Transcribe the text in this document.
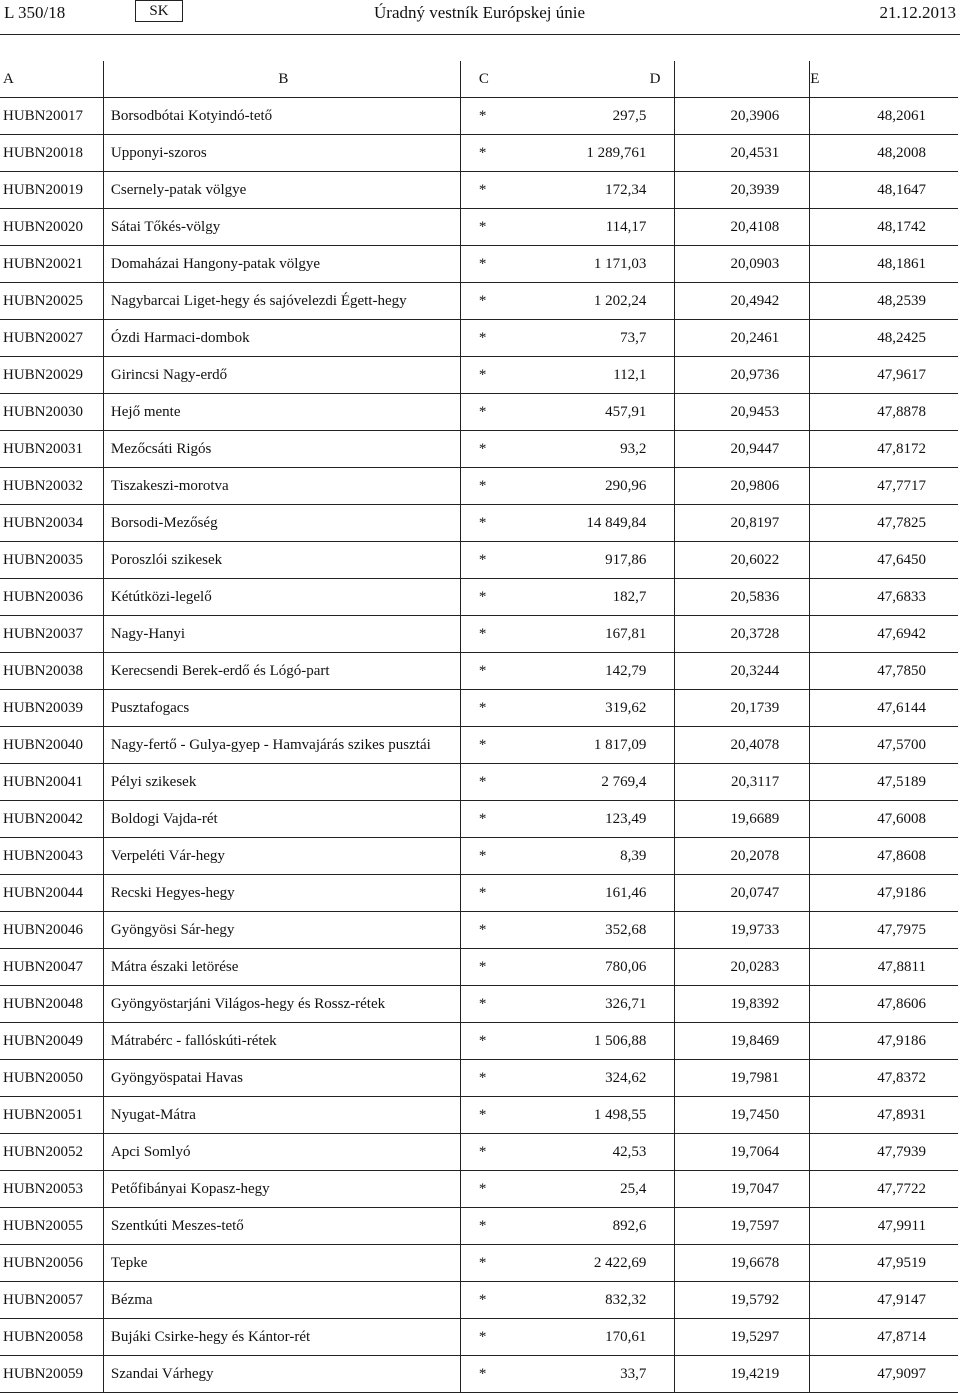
L 350/18	SK	Úradný vestník Európskej únie	21.12.2013
A	B	C	D		E
HUBN20017	Borsodbótai Kotyindó-tető	*	297,5	20,3906	48,2061
HUBN20018	Upponyi-szoros	*	1 289,761	20,4531	48,2008
HUBN20019	Csernely-patak völgye	*	172,34	20,3939	48,1647
HUBN20020	Sátai Tőkés-völgy	*	114,17	20,4108	48,1742
HUBN20021	Domaházai Hangony-patak völgye	*	1 171,03	20,0903	48,1861
HUBN20025	Nagybarcai Liget-hegy és sajóvelezdi Égett-hegy	*	1 202,24	20,4942	48,2539
HUBN20027	Ózdi Harmaci-dombok	*	73,7	20,2461	48,2425
HUBN20029	Girincsi Nagy-erdő	*	112,1	20,9736	47,9617
HUBN20030	Hejő mente	*	457,91	20,9453	47,8878
HUBN20031	Mezőcsáti Rigós	*	93,2	20,9447	47,8172
HUBN20032	Tiszakeszi-morotva	*	290,96	20,9806	47,7717
HUBN20034	Borsodi-Mezőség	*	14 849,84	20,8197	47,7825
HUBN20035	Poroszlói szikesek	*	917,86	20,6022	47,6450
HUBN20036	Kétútközi-legelő	*	182,7	20,5836	47,6833
HUBN20037	Nagy-Hanyi	*	167,81	20,3728	47,6942
HUBN20038	Kerecsendi Berek-erdő és Lógó-part	*	142,79	20,3244	47,7850
HUBN20039	Pusztafogacs	*	319,62	20,1739	47,6144
HUBN20040	Nagy-fertő - Gulya-gyep - Hamvajárás szikes pusztái	*	1 817,09	20,4078	47,5700
HUBN20041	Pélyi szikesek	*	2 769,4	20,3117	47,5189
HUBN20042	Boldogi Vajda-rét	*	123,49	19,6689	47,6008
HUBN20043	Verpeléti Vár-hegy	*	8,39	20,2078	47,8608
HUBN20044	Recski Hegyes-hegy	*	161,46	20,0747	47,9186
HUBN20046	Gyöngyösi Sár-hegy	*	352,68	19,9733	47,7975
HUBN20047	Mátra északi letörése	*	780,06	20,0283	47,8811
HUBN20048	Gyöngyöstarjáni Világos-hegy és Rossz-rétek	*	326,71	19,8392	47,8606
HUBN20049	Mátrabérc - fallóskúti-rétek	*	1 506,88	19,8469	47,9186
HUBN20050	Gyöngyöspatai Havas	*	324,62	19,7981	47,8372
HUBN20051	Nyugat-Mátra	*	1 498,55	19,7450	47,8931
HUBN20052	Apci Somlyó	*	42,53	19,7064	47,7939
HUBN20053	Petőfibányai Kopasz-hegy	*	25,4	19,7047	47,7722
HUBN20055	Szentkúti Meszes-tető	*	892,6	19,7597	47,9911
HUBN20056	Tepke	*	2 422,69	19,6678	47,9519
HUBN20057	Bézma	*	832,32	19,5792	47,9147
HUBN20058	Bujáki Csirke-hegy és Kántor-rét	*	170,61	19,5297	47,8714
HUBN20059	Szandai Várhegy	*	33,7	19,4219	47,9097
